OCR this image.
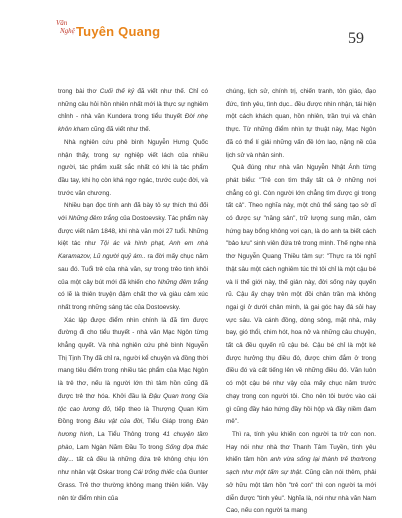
Văn
Nghệ Tuyên Quang	59

trong bài thơ Cuối thế kỷ đã viết như thế. Chỉ có những câu hỏi hồn nhiên nhất mới là thực sự nghiêm chỉnh - nhà văn Kundera trong tiểu thuyết Đời nhẹ khôn kham cũng đã viết như thế.

Nhà nghiên cứu phê bình Nguyễn Hưng Quốc nhận thấy, trong sự nghiệp viết lách của nhiều người, tác phẩm xuất sắc nhất có khi là tác phẩm đầu tay, khi họ còn khá ngơ ngác, trước cuộc đời, và trước văn chương.

Nhiều bạn đọc tính anh đã bày tỏ sự thích thú đối với Những đêm trắng của Dostoevsky. Tác phẩm này được viết năm 1848, khi nhà văn mới 27 tuổi. Những kiệt tác như Tội ác và hình phạt, Anh em nhà Karamazov, Lũ người quỷ ám.. ra đời mấy chục năm sau đó. Tuổi trẻ của nhà văn, sự trong trẻo tinh khôi của một cây bút mới đã khiến cho Những đêm trắng có lẽ là thiên truyện đậm chất thơ và giàu cảm xúc nhất trong những sáng tác của Dostoevsky.

Xác lập được điểm nhìn chính là đã tìm được đường đi cho tiểu thuyết - nhà văn Mạc Ngôn từng khẳng quyết. Và nhà nghiên cứu phê bình Nguyễn Thị Tịnh Thy đã chỉ ra, người kể chuyện và đồng thời mang tiêu điểm trong nhiều tác phẩm của Mạc Ngôn là trẻ thơ, nếu là người lớn thì tâm hồn cũng đã được trẻ thơ hóa. Khởi đầu là Đậu Quan trong Gia tộc cao lương đỏ, tiếp theo là Thượng Quan Kim Đồng trong Báu vật của đời, Tiểu Giáp trong Đàn hương hình, La Tiểu Thông trong 41 chuyện tầm phào, Lam Ngàn Năm Đầu To trong Sống đọa thác đày... tất cả đều là những đứa trẻ không chịu lớn như nhân vật Oskar trong Cái trống thiếc của Gunter Grass. Trẻ thơ thường không mang thiên kiến. Vậy nên từ điểm nhìn của

chúng, lịch sử, chính trị, chiến tranh, tôn giáo, đạo đức, tình yêu, tình dục.. đều được nhìn nhận, tái hiện một cách khách quan, hồn nhiên, trần trụi và chân thực. Từ những điểm nhìn tự thuật này, Mạc Ngôn đã có thể lí giải những vấn đề lớn lao, nặng nề của lịch sử và nhân sinh.

Quả đúng như nhà văn Nguyễn Nhật Ánh từng phát biểu: "Trẻ con tìm thấy tất cả ở những nơi chẳng có gì. Còn người lớn chẳng tìm được gì trong tất cả". Theo nghĩa này, một chủ thể sáng tạo sở dĩ có được sự "năng sản", trữ lượng sung mãn, cảm hứng bay bổng không vơi cạn, là do anh ta biết cách "bảo lưu" sinh viên đứa trẻ trong mình. Thế nghe nhà thơ Nguyễn Quang Thiều tâm sự: "Thực ra tôi nghĩ thật sâu một cách nghiêm túc thì tôi chỉ là một cậu bé và lí thế giới này, thế giản này, đời sống này quyến rũ. Cậu ấy chạy trên một đồi chân trần mà không ngại gì ở dưới chân mình, là gai góc hay đá sỏi hay vực sâu. Và cánh đồng, dòng sông, mặt nhà, mây bay, gió thổi, chim hót, hoa nở và những câu chuyện, tất cả đều quyến rũ cậu bé. Cậu bé chỉ là một kẻ được hưởng thụ điều đó, được chim đắm ở trong điều đó và cất tiếng lên về những điều đó. Văn luôn có một cậu bé như vậy của mấy chục năm trước chạy trong con người tôi. Cho nên tôi bước vào cái gì cũng đầy háo hứng đầy hồi hộp và đầy niềm đam mê".

Thì ra, tính yêu khiến con người ta trở con non. Hay nói như nhà thơ Thanh Tâm Tuyền, tình yêu khiến tâm hồn anh vừa sống lại thành trẻ thơ/trong sạch như một tấm sự thật. Cũng cần nói thêm, phải sở hữu một tâm hồn "trẻ con" thì con người ta mới diễn được "tình yêu". Nghĩa là, nói như nhà văn Nam Cao, nếu con người ta mang
